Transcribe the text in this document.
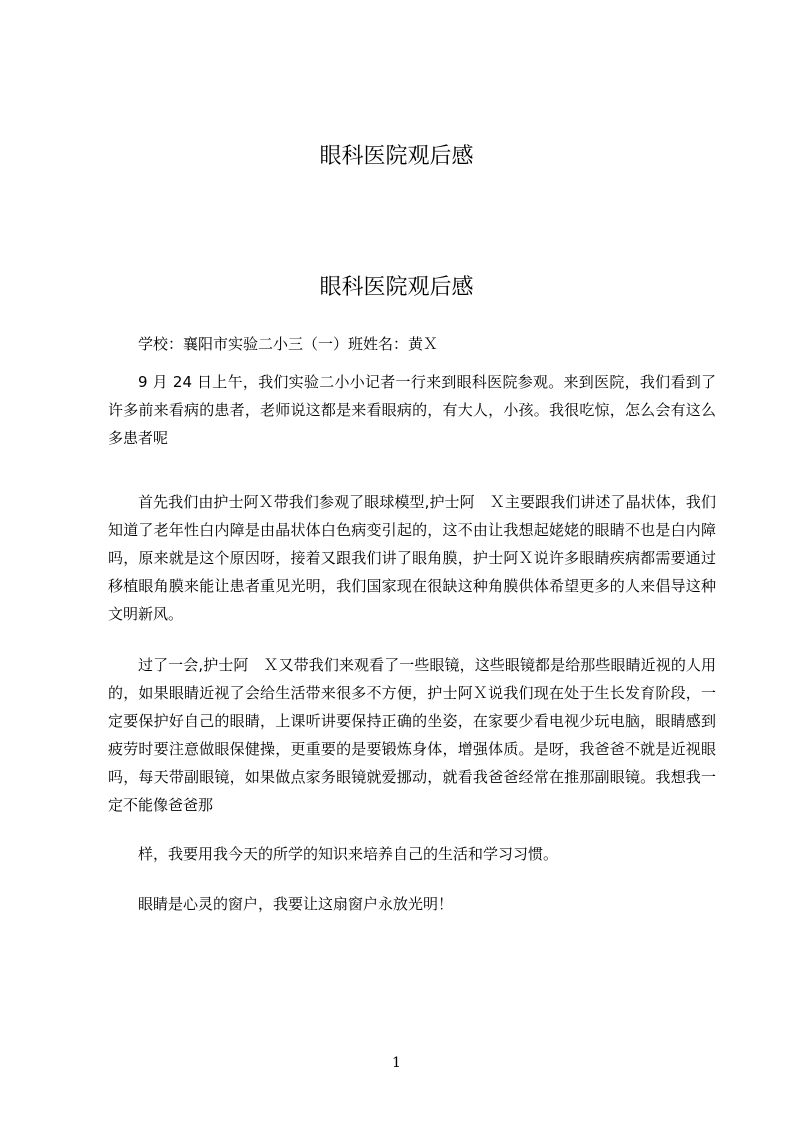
眼科医院观后感
眼科医院观后感

学校：襄阳市实验二小三（一）班姓名：黄Ｘ

9 月 24 日上午，我们实验二小小记者一行来到眼科医院参观。来到医院，我们看到了许多前来看病的患者，老师说这都是来看眼病的，有大人，小孩。我很吃惊，怎么会有这么多患者呢

首先我们由护士阿Ｘ带我们参观了眼球模型,护士阿　Ｘ主要跟我们讲述了晶状体，我们知道了老年性白内障是由晶状体白色病变引起的，这不由让我想起姥姥的眼睛不也是白内障吗，原来就是这个原因呀，接着又跟我们讲了眼角膜，护士阿Ｘ说许多眼睛疾病都需要通过移植眼角膜来能让患者重见光明，我们国家现在很缺这种角膜供体希望更多的人来倡导这种文明新风。

过了一会,护士阿　Ｘ又带我们来观看了一些眼镜，这些眼镜都是给那些眼睛近视的人用的，如果眼睛近视了会给生活带来很多不方便，护士阿Ｘ说我们现在处于生长发育阶段，一定要保护好自己的眼睛，上课听讲要保持正确的坐姿，在家要少看电视少玩电脑，眼睛感到疲劳时要注意做眼保健操，更重要的是要锻炼身体，增强体质。是呀，我爸爸不就是近视眼吗，每天带副眼镜，如果做点家务眼镜就爱挪动，就看我爸爸经常在推那副眼镜。我想我一定不能像爸爸那

样，我要用我今天的所学的知识来培养自己的生活和学习习惯。

眼睛是心灵的窗户，我要让这扇窗户永放光明！

1
